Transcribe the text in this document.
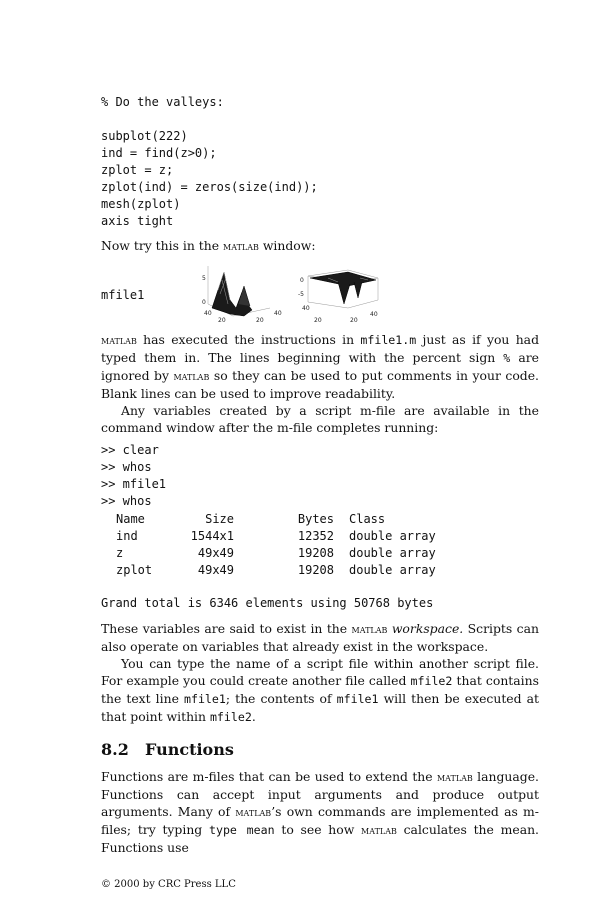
% Do the valleys:

subplot(222)
ind = find(z>0);
zplot = z;
zplot(ind) = zeros(size(ind));
mesh(zplot)
axis tight

Now try this in the matlab window:

mfile1
5
0
40
20	20
40
0
-5
40
20	20
40

matlab has executed the instructions in mfile1.m just as if you had typed them in. The lines beginning with the percent sign % are ignored by matlab so they can be used to put comments in your code. Blank lines can be used to improve readability.

Any variables created by a script m-file are available in the command window after the m-file completes running:

>> clear
>> whos
>> mfile1
>> whos
Name	Size	Bytes	Class
ind	1544x1	12352	double array
z	49x49	19208	double array
zplot	49x49	19208	double array
Grand total is 6346 elements using 50768 bytes

These variables are said to exist in the matlab workspace. Scripts can also operate on variables that already exist in the workspace.

You can type the name of a script file within another script file. For example you could create another file called mfile2 that contains the text line mfile1; the contents of mfile1 will then be executed at that point within mfile2.

8.2 Functions

Functions are m-files that can be used to extend the matlab language. Functions can accept input arguments and produce output arguments. Many of matlab’s own commands are implemented as m-files; try typing type mean to see how matlab calculates the mean. Functions use

© 2000 by CRC Press LLC
